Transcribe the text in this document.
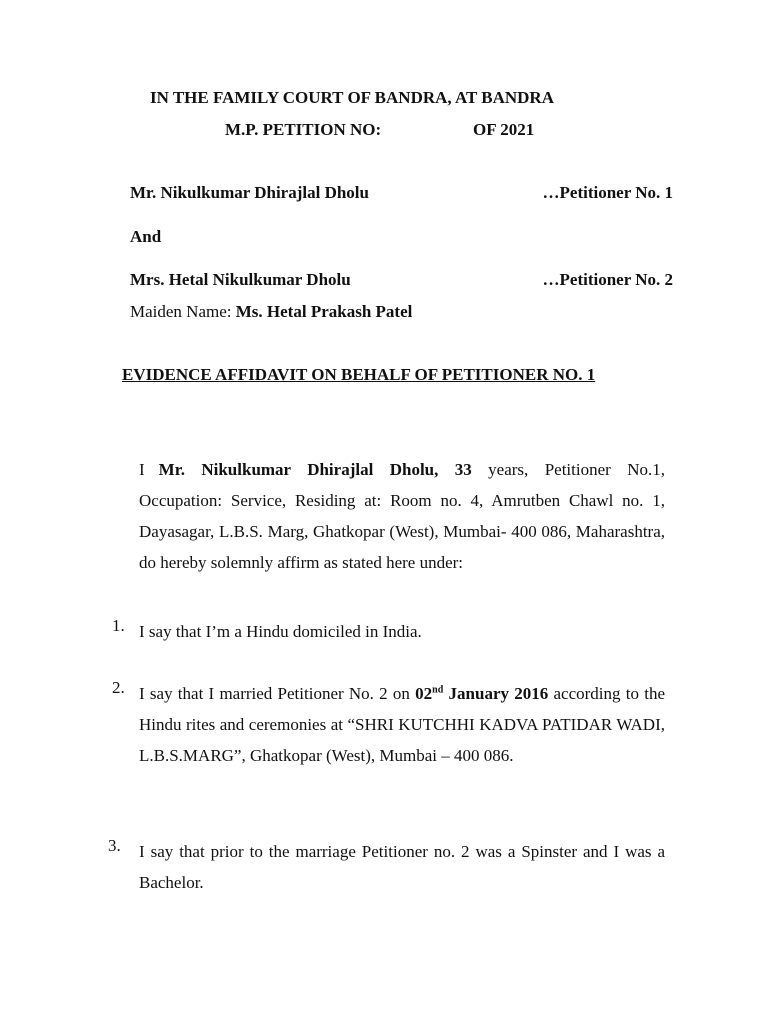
IN THE FAMILY COURT OF BANDRA, AT BANDRA
M.P. PETITION NO:	OF 2021
Mr. Nikulkumar Dhirajlal Dholu	…Petitioner No. 1
And
Mrs. Hetal Nikulkumar Dholu	…Petitioner No. 2
Maiden Name: Ms. Hetal Prakash Patel
EVIDENCE AFFIDAVIT ON BEHALF OF PETITIONER NO. 1
I Mr. Nikulkumar Dhirajlal Dholu, 33 years, Petitioner No.1, Occupation: Service, Residing at: Room no. 4, Amrutben Chawl no. 1, Dayasagar, L.B.S. Marg, Ghatkopar (West), Mumbai- 400 086, Maharashtra, do hereby solemnly affirm as stated here under:
1. I say that I’m a Hindu domiciled in India.
2. I say that I married Petitioner No. 2 on 02nd January 2016 according to the Hindu rites and ceremonies at “SHRI KUTCHHI KADVA PATIDAR WADI, L.B.S.MARG”, Ghatkopar (West), Mumbai – 400 086.
3. I say that prior to the marriage Petitioner no. 2 was a Spinster and I was a Bachelor.
